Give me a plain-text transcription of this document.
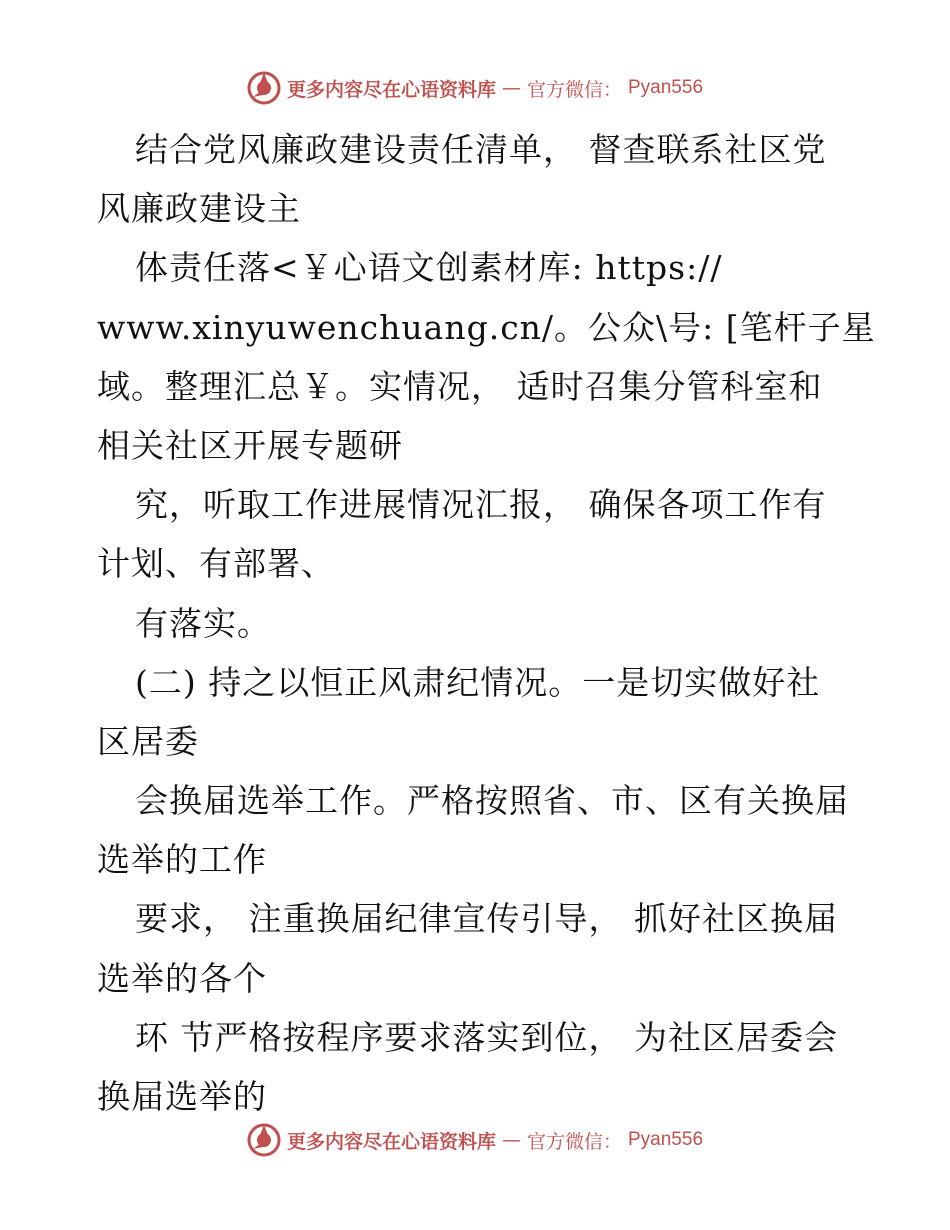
更多内容尽在心语资料库 — 官方微信： Pyan556
结合党风廉政建设责任清单， 督查联系社区党
风廉政建设主
体责任落<￥心语文创素材库: https://
www.xinyuwenchuang.cn/。公众\号: [笔杆子星
域。整理汇总￥。实情况， 适时召集分管科室和
相关社区开展专题研
究，听取工作进展情况汇报， 确保各项工作有
计划、有部署、
有落实。
(二) 持之以恒正风肃纪情况。一是切实做好社
区居委
会换届选举工作。严格按照省、市、区有关换届
选举的工作
要求， 注重换届纪律宣传引导， 抓好社区换届
选举的各个
环 节严格按程序要求落实到位， 为社区居委会
换届选举的
更多内容尽在心语资料库 — 官方微信： Pyan556
